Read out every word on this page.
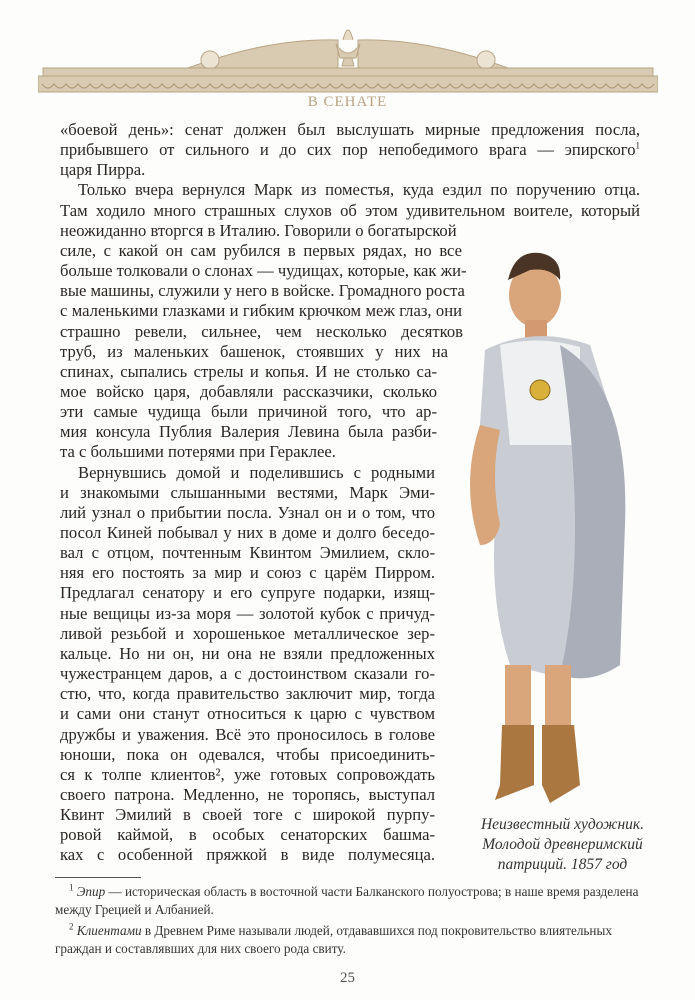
В СЕНАТЕ
«боевой день»: сенат должен был выслушать мирные предложения посла,
прибывшего от сильного и до сих пор непобедимого врага — эпирского$^1$
царя Пирра.
Только вчера вернулся Марк из поместья, куда ездил по поручению отца.
Там ходило много страшных слухов об этом удивительном воителе, который
неожиданно вторгся в Италию. Говорили о богатырской
силе, с какой он сам рубился в первых рядах, но все
больше толковали о слонах — чудищах, которые, как жи-
вые машины, служили у него в войске. Громадного роста
с маленькими глазками и гибким крючком меж глаз, они
страшно ревели, сильнее, чем несколько десятков
труб, из маленьких башенок, стоявших у них на
спинах, сыпались стрелы и копья. И не столько са-
мое войско царя, добавляли рассказчики, сколько
эти самые чудища были причиной того, что ар-
мия консула Публия Валерия Левина была разби-
та с большими потерями при Гераклее.
Вернувшись домой и поделившись с родными
и знакомыми слышанными вестями, Марк Эми-
лий узнал о прибытии посла. Узнал он и о том, что
посол Киней побывал у них в доме и долго беседо-
вал с отцом, почтенным Квинтом Эмилием, скло-
няя его постоять за мир и союз с царём Пирром.
Предлагал сенатору и его супруге подарки, изящ-
ные вещицы из-за моря — золотой кубок с причуд-
ливой резьбой и хорошенькое металлическое зер-
кальце. Но ни он, ни она не взяли предложенных
чужестранцем даров, а с достоинством сказали го-
стю, что, когда правительство заключит мир, тогда
и сами они станут относиться к царю с чувством
дружбы и уважения. Всё это проносилось в голове
юноши, пока он одевался, чтобы присоединить-
ся к толпе клиентов², уже готовых сопровождать
своего патрона. Медленно, не торопясь, выступал
Квинт Эмилий в своей тоге с широкой пурпу-
ровой каймой, в особых сенаторских башма-
ках с особенной пряжкой в виде полумесяца.
Неизвестный художник.
Молодой древнеримский
патриций. 1857 год
$^1$ Эпир — историческая область в восточной части Балканского полуострова; в наше время разделена между Грецией и Албанией.
$^2$ Клиентами в Древнем Риме называли людей, отдававшихся под покровительство влиятельных граждан и составлявших для них своего рода свиту.
25
